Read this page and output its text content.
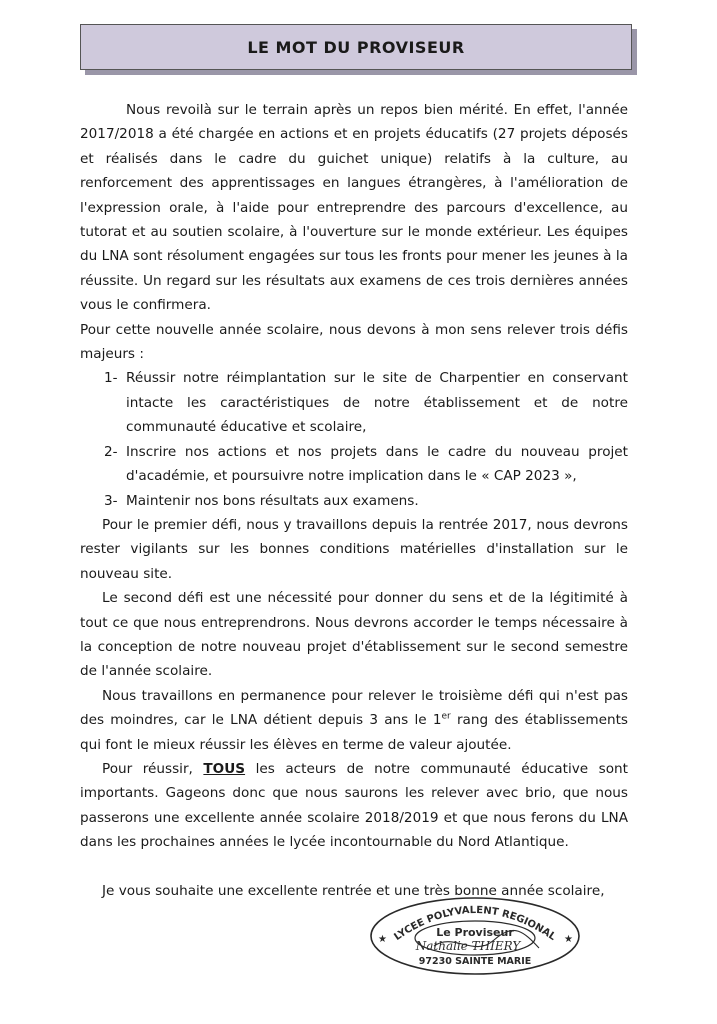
LE MOT DU PROVISEUR

Nous revoilà sur le terrain après un repos bien mérité. En effet, l'année 2017/2018 a été chargée en actions et en projets éducatifs (27 projets déposés et réalisés dans le cadre du guichet unique) relatifs à la culture, au renforcement des apprentissages en langues étrangères, à l'amélioration de l'expression orale, à l'aide pour entreprendre des parcours d'excellence, au tutorat et au soutien scolaire, à l'ouverture sur le monde extérieur. Les équipes du LNA sont résolument engagées sur tous les fronts pour mener les jeunes à la réussite. Un regard sur les résultats aux examens de ces trois dernières années vous le confirmera.

Pour cette nouvelle année scolaire, nous devons à mon sens relever trois défis majeurs :

1- Réussir notre réimplantation sur le site de Charpentier en conservant intacte les caractéristiques de notre établissement et de notre communauté éducative et scolaire,
2- Inscrire nos actions et nos projets dans le cadre du nouveau projet d'académie, et poursuivre notre implication dans le « CAP 2023 »,
3- Maintenir nos bons résultats aux examens.

Pour le premier défi, nous y travaillons depuis la rentrée 2017, nous devrons rester vigilants sur les bonnes conditions matérielles d'installation sur le nouveau site.

Le second défi est une nécessité pour donner du sens et de la légitimité à tout ce que nous entreprendrons. Nous devrons accorder le temps nécessaire à la conception de notre nouveau projet d'établissement sur le second semestre de l'année scolaire.

Nous travaillons en permanence pour relever le troisième défi qui n'est pas des moindres, car le LNA détient depuis 3 ans le 1er rang des établissements qui font le mieux réussir les élèves en terme de valeur ajoutée.

Pour réussir, TOUS les acteurs de notre communauté éducative sont importants. Gageons donc que nous saurons les relever avec brio, que nous passerons une excellente année scolaire 2018/2019 et que nous ferons du LNA dans les prochaines années le lycée incontournable du Nord Atlantique.

Je vous souhaite une excellente rentrée et une très bonne année scolaire,

LYCEE POLYVALENT REGIONAL
Le Proviseur
Nathalie THIERY
97230 SAINTE MARIE
★	★
